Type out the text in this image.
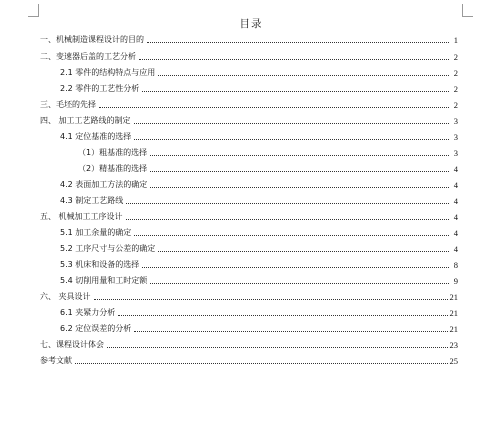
目录
一、机械制造课程设计的目的	1
二、变速器后盖的工艺分析	2
2.1 零件的结构特点与应用	2
2.2 零件的工艺性分析	2
三、毛坯的先择	2
四、 加工工艺路线的制定	3
4.1 定位基准的选择	3
（1）粗基准的选择	3
（2）精基准的选择	4
4.2 表面加工方法的确定	4
4.3 制定工艺路线	4
五、 机械加工工序设计	4
5.1 加工余量的确定	4
5.2 工序尺寸与公差的确定	4
5.3 机床和设备的选择	8
5.4 切削用量和工时定额	9
六、 夹具设计	21
6.1 夹紧力分析	21
6.2 定位误差的分析	21
七、课程设计体会	23
参考文献	25
